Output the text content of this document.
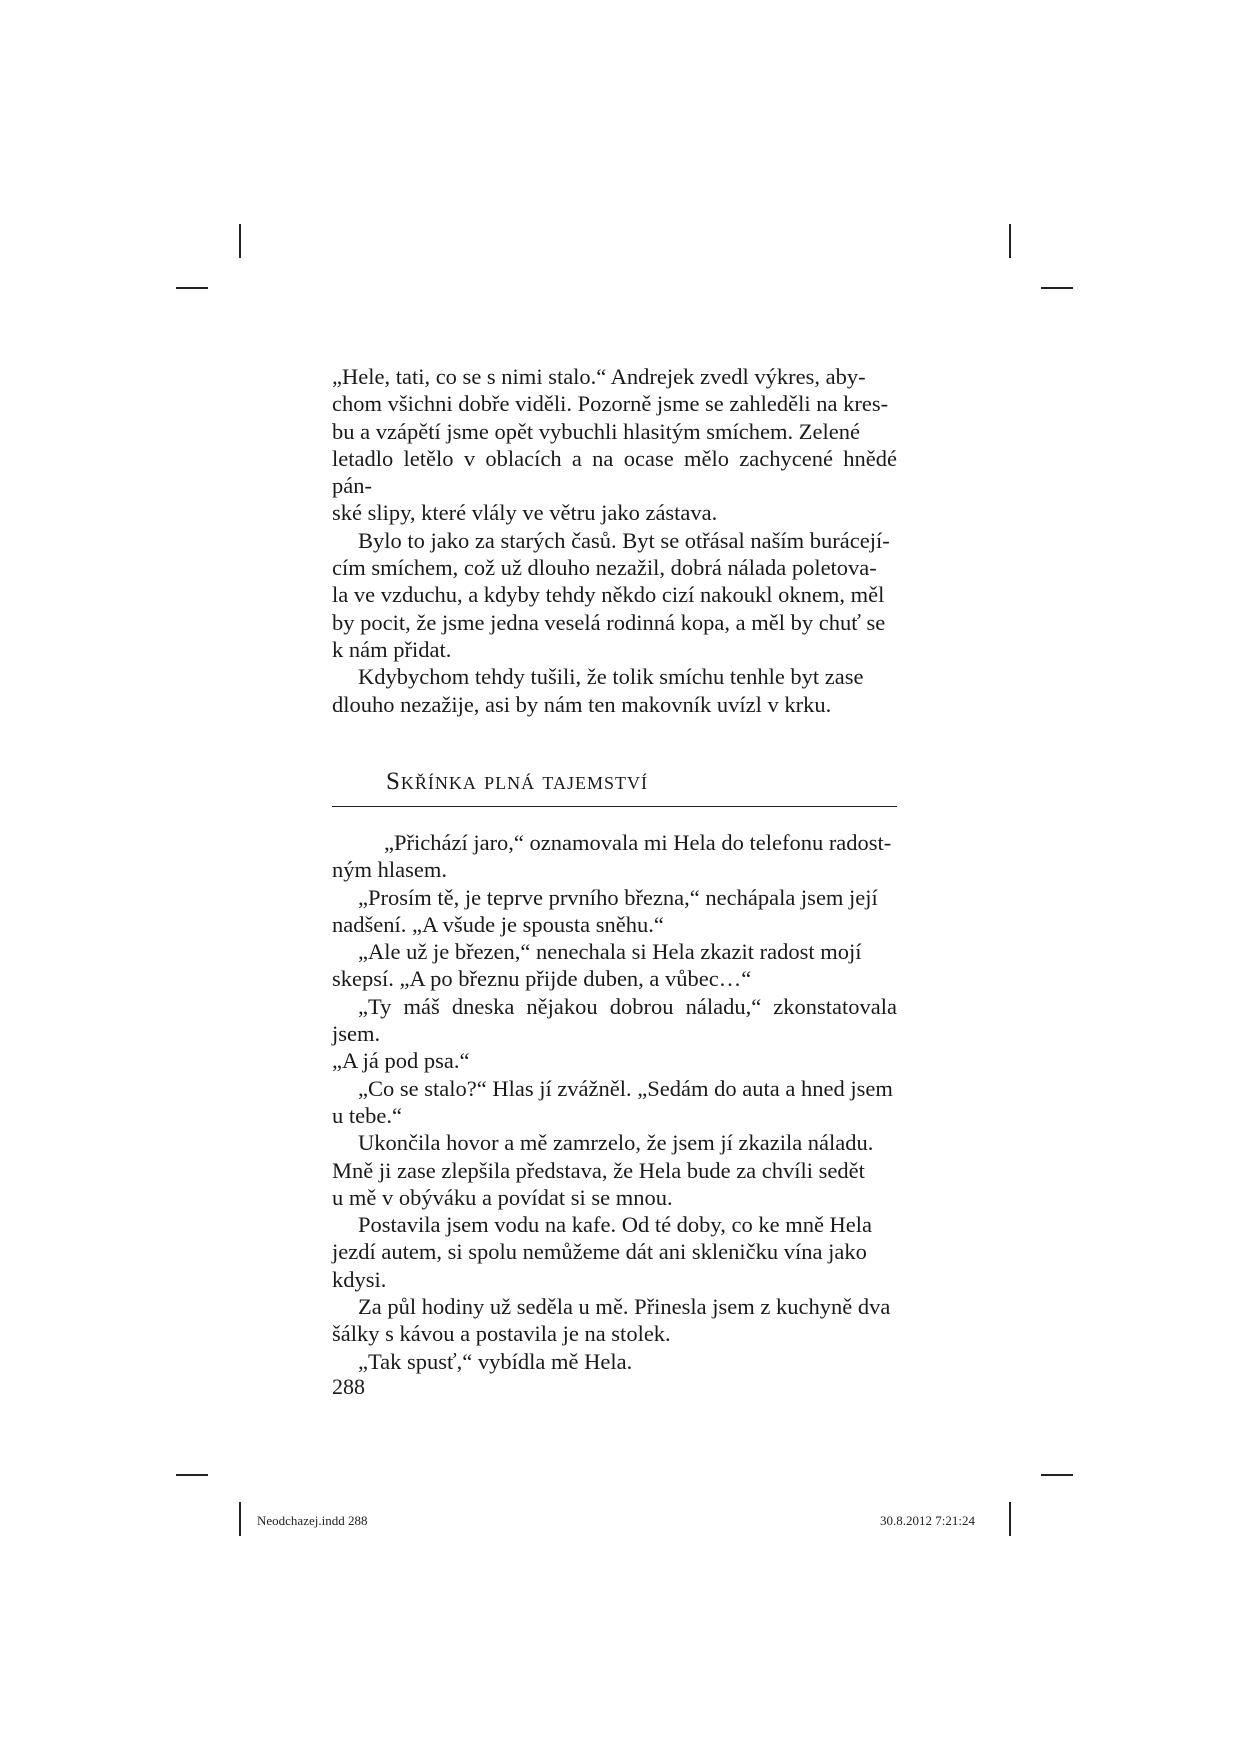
„Hele, tati, co se s nimi stalo.“ Andrejek zvedl výkres, aby-
chom všichni dobře viděli. Pozorně jsme se zahleděli na kres-
bu a vzápětí jsme opět vybuchli hlasitým smíchem. Zelené
letadlo letělo v oblacích a na ocase mělo zachycené hnědé pán-
ské slipy, které vlály ve větru jako zástava.

Bylo to jako za starých časů. Byt se otřásal naším burácejí-
cím smíchem, což už dlouho nezažil, dobrá nálada poletova-
la ve vzduchu, a kdyby tehdy někdo cizí nakoukl oknem, měl
by pocit, že jsme jedna veselá rodinná kopa, a měl by chuť se
k nám přidat.

Kdybychom tehdy tušili, že tolik smíchu tenhle byt zase
dlouho nezažije, asi by nám ten makovník uvízl v krku.

Skřínka plná tajemství

„Přichází jaro,“ oznamovala mi Hela do telefonu radost-
ným hlasem.

„Prosím tě, je teprve prvního března,“ nechápala jsem její
nadšení. „A všude je spousta sněhu.“

„Ale už je březen,“ nenechala si Hela zkazit radost mojí
skepsí. „A po březnu přijde duben, a vůbec…“

„Ty máš dneska nějakou dobrou náladu,“ zkonstatovala jsem.
„A já pod psa.“

„Co se stalo?“ Hlas jí zvážněl. „Sedám do auta a hned jsem
u tebe.“

Ukončila hovor a mě zamrzelo, že jsem jí zkazila náladu.
Mně ji zase zlepšila představa, že Hela bude za chvíli sedět
u mě v obýváku a povídat si se mnou.

Postavila jsem vodu na kafe. Od té doby, co ke mně Hela
jezdí autem, si spolu nemůžeme dát ani skleničku vína jako
kdysi.

Za půl hodiny už seděla u mě. Přinesla jsem z kuchyně dva
šálky s kávou a postavila je na stolek.

„Tak spusť,“ vybídla mě Hela.

288
Neodchazej.indd 288	30.8.2012 7:21:24
